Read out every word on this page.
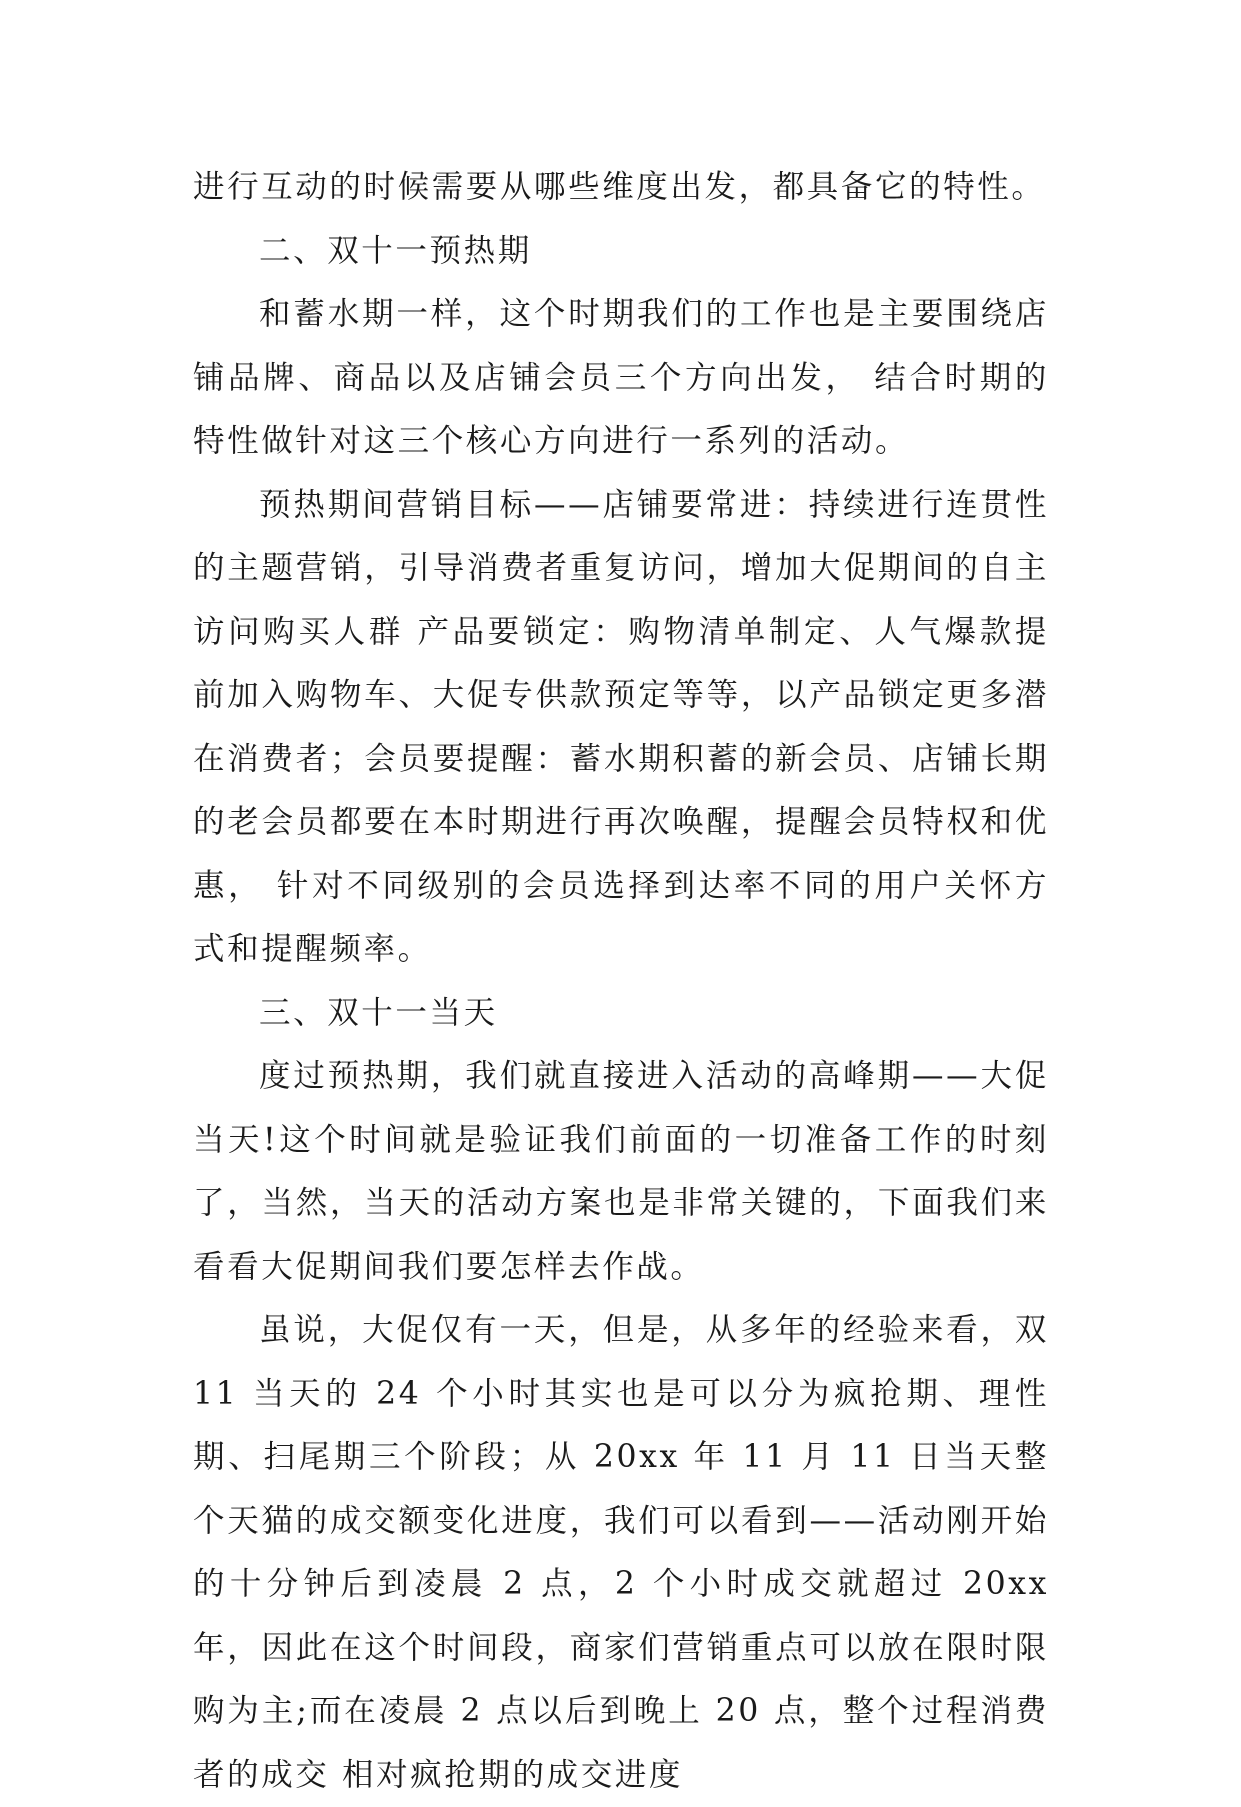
进行互动的时候需要从哪些维度出发，都具备它的特性。

二、双十一预热期

和蓄水期一样，这个时期我们的工作也是主要围绕店铺品牌、商品以及店铺会员三个方向出发， 结合时期的特性做针对这三个核心方向进行一系列的活动。

预热期间营销目标——店铺要常进：持续进行连贯性的主题营销，引导消费者重复访问，增加大促期间的自主访问购买人群 产品要锁定：购物清单制定、人气爆款提前加入购物车、大促专供款预定等等，以产品锁定更多潜在消费者；会员要提醒：蓄水期积蓄的新会员、店铺长期的老会员都要在本时期进行再次唤醒，提醒会员特权和优惠， 针对不同级别的会员选择到达率不同的用户关怀方式和提醒频率。

三、双十一当天

度过预热期，我们就直接进入活动的高峰期——大促当天!这个时间就是验证我们前面的一切准备工作的时刻了，当然，当天的活动方案也是非常关键的，下面我们来看看大促期间我们要怎样去作战。

虽说，大促仅有一天，但是，从多年的经验来看，双 11 当天的 24 个小时其实也是可以分为疯抢期、理性期、扫尾期三个阶段；从 20xx 年 11 月 11 日当天整个天猫的成交额变化进度，我们可以看到——活动刚开始的十分钟后到凌晨 2 点，2 个小时成交就超过 20xx 年，因此在这个时间段，商家们营销重点可以放在限时限购为主;而在凌晨 2 点以后到晚上 20 点，整个过程消费者的成交 相对疯抢期的成交进度
